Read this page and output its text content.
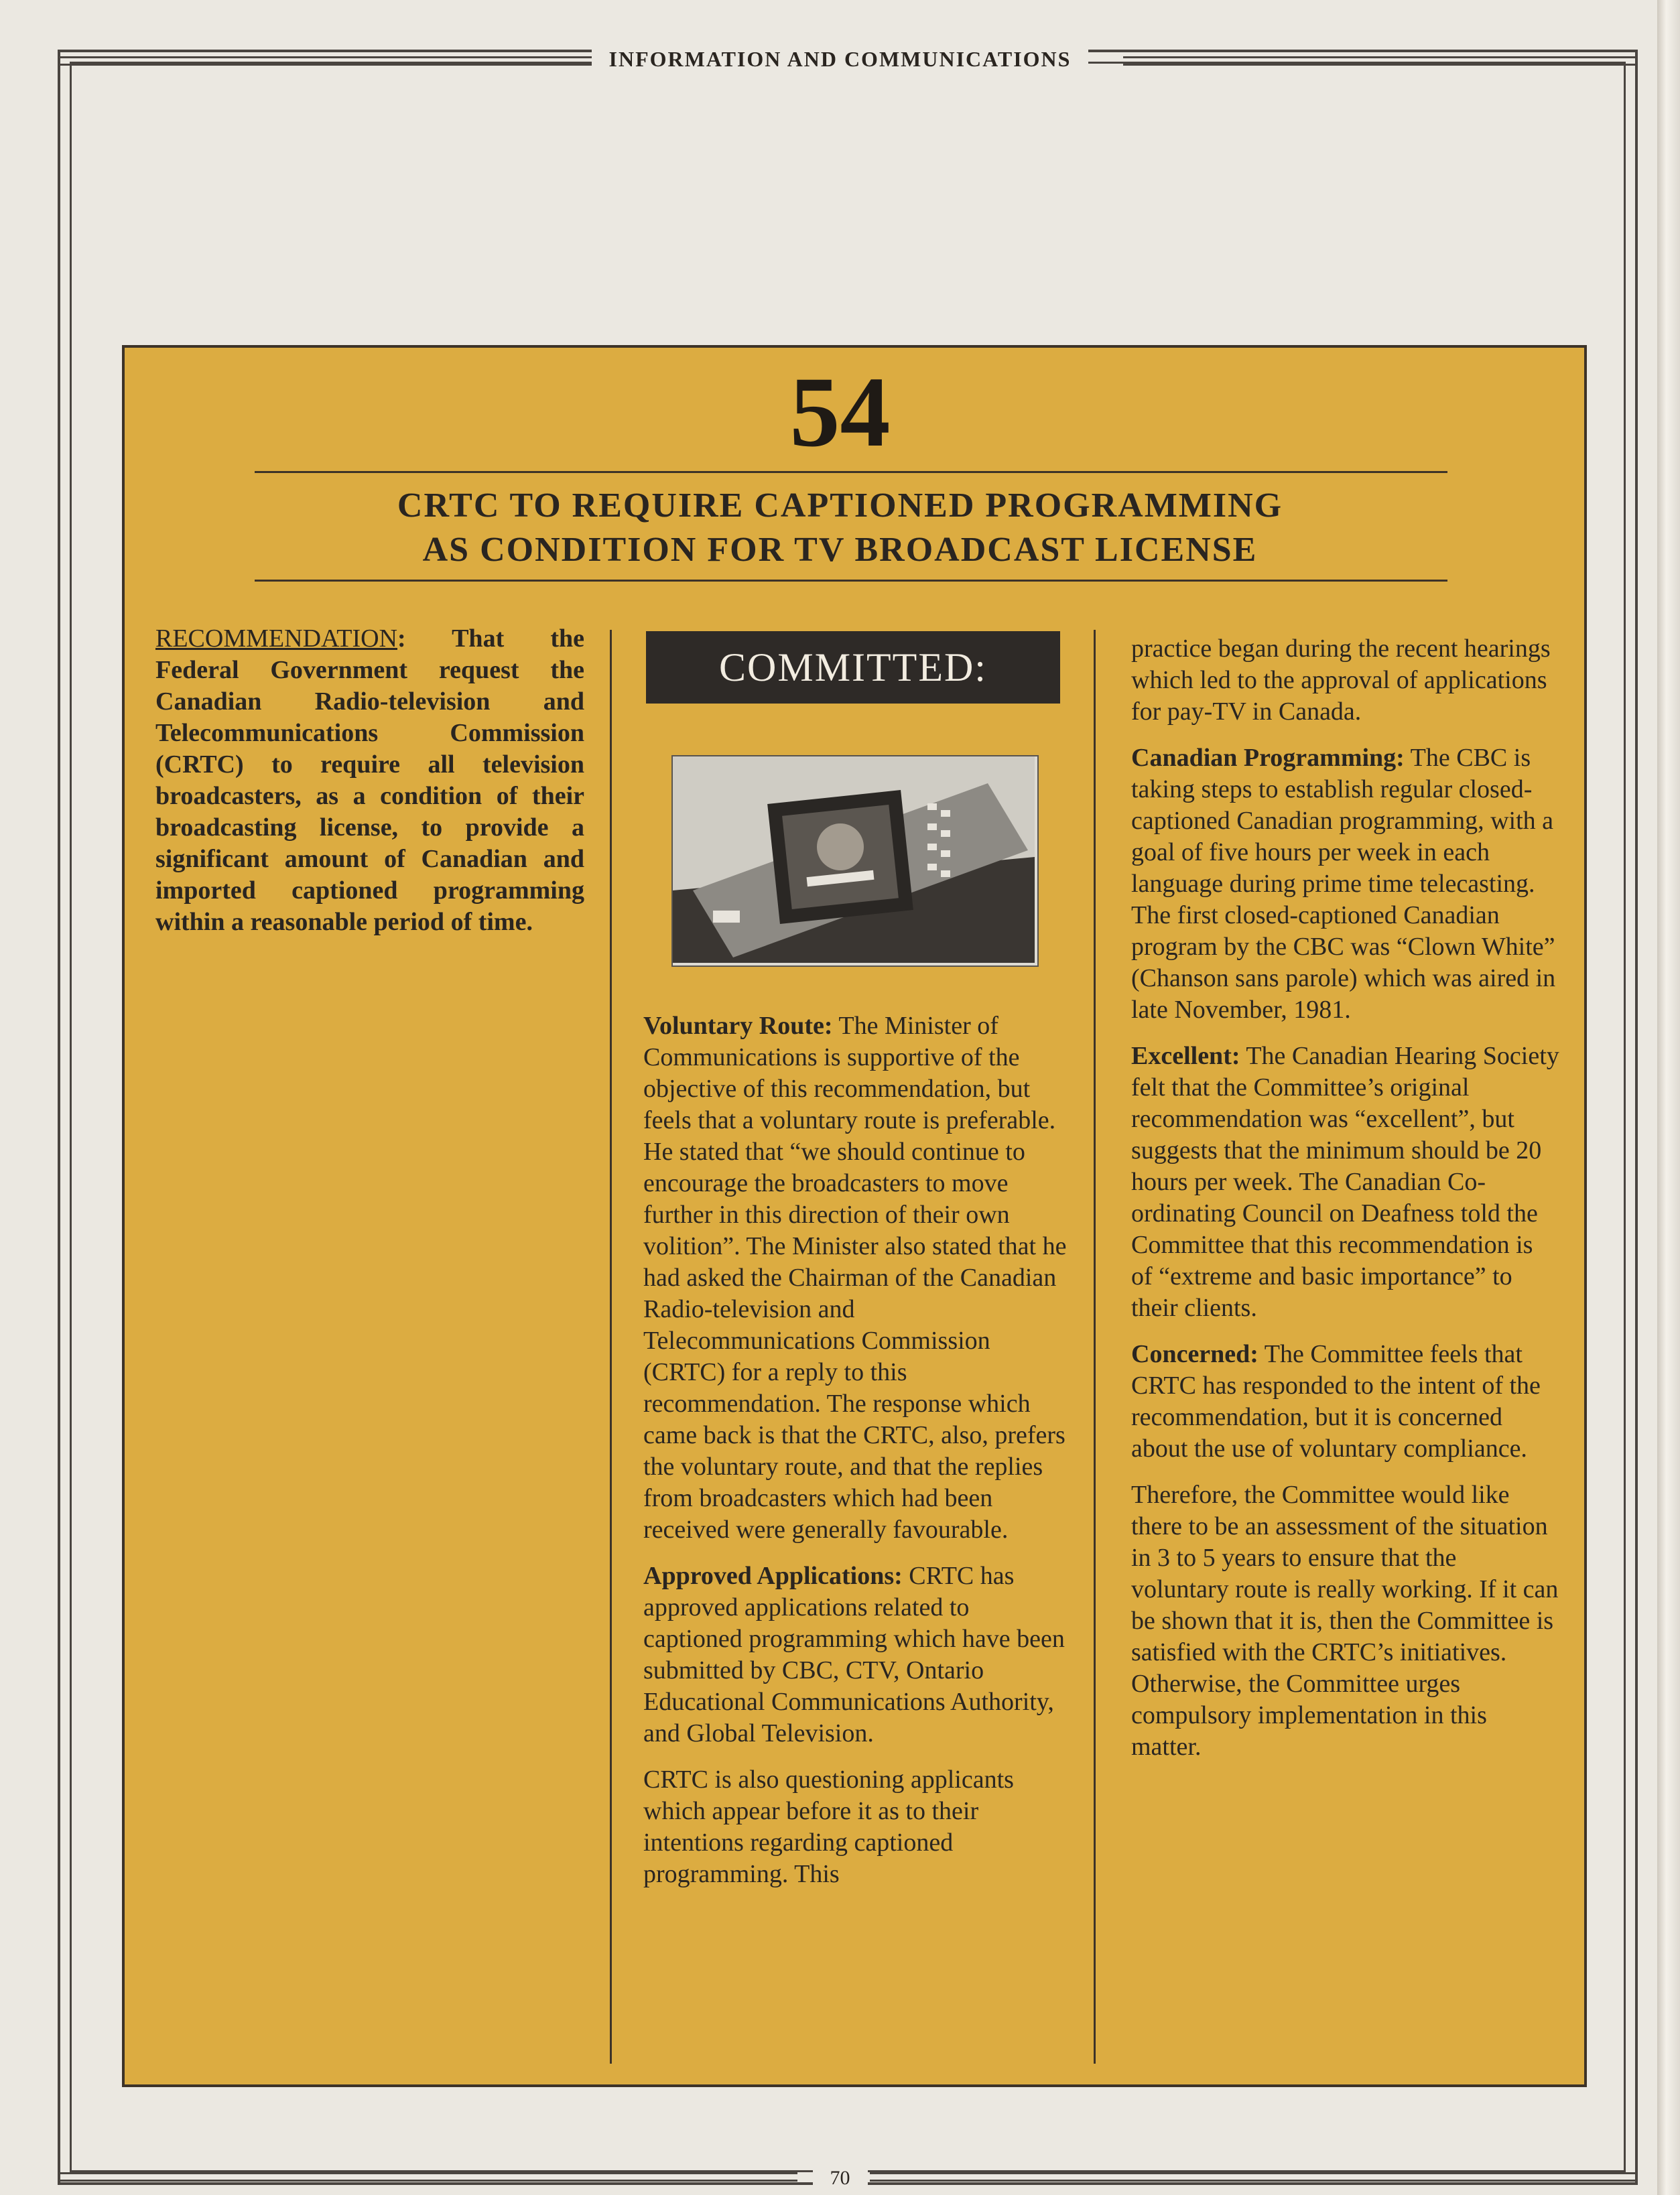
INFORMATION AND COMMUNICATIONS
54
CRTC TO REQUIRE CAPTIONED PROGRAMMING
AS CONDITION FOR TV BROADCAST LICENSE
RECOMMENDATION: That the Federal Government request the Canadian Radio-television and Telecommunications Commission (CRTC) to require all television broadcasters, as a condition of their broadcasting license, to provide a significant amount of Canadian and imported captioned programming within a reasonable period of time.
COMMITTED:

Voluntary Route: The Minister of Communications is supportive of the objective of this recommendation, but feels that a voluntary route is preferable. He stated that “we should continue to encourage the broadcasters to move further in this direction of their own volition”. The Minister also stated that he had asked the Chairman of the Canadian Radio-television and Telecommunications Commission (CRTC) for a reply to this recommendation. The response which came back is that the CRTC, also, prefers the voluntary route, and that the replies from broadcasters which had been received were generally favourable.

Approved Applications: CRTC has approved applications related to captioned programming which have been submitted by CBC, CTV, Ontario Educational Communications Authority, and Global Television.

CRTC is also questioning applicants which appear before it as to their intentions regarding captioned programming. This

practice began during the recent hearings which led to the approval of applications for pay-TV in Canada.

Canadian Programming: The CBC is taking steps to establish regular closed-captioned Canadian programming, with a goal of five hours per week in each language during prime time telecasting. The first closed-captioned Canadian program by the CBC was “Clown White” (Chanson sans parole) which was aired in late November, 1981.

Excellent: The Canadian Hearing Society felt that the Committee’s original recommendation was “excellent”, but suggests that the minimum should be 20 hours per week. The Canadian Co-ordinating Council on Deafness told the Committee that this recommendation is of “extreme and basic importance” to their clients.

Concerned: The Committee feels that CRTC has responded to the intent of the recommendation, but it is concerned about the use of voluntary compliance.

Therefore, the Committee would like there to be an assessment of the situation in 3 to 5 years to ensure that the voluntary route is really working. If it can be shown that it is, then the Committee is satisfied with the CRTC’s initiatives. Otherwise, the Committee urges compulsory implementation in this matter.

70
